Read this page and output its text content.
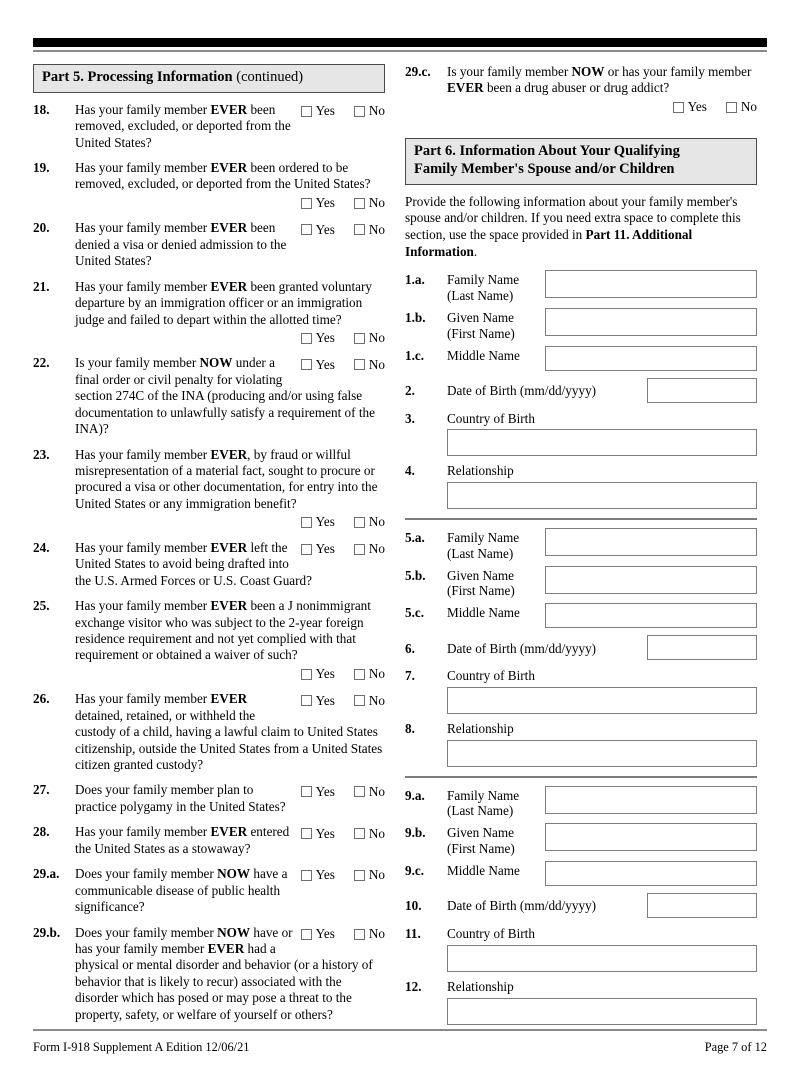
Part 5. Processing Information (continued)
18.	Yes	No
Has your family member EVER been removed, excluded, or deported from the United States?
19.	Has your family member EVER been ordered to be removed, excluded, or deported from the United States?
Yes	No
20.	Yes	No
Has your family member EVER been denied a visa or denied admission to the United States?
21.	Has your family member EVER been granted voluntary departure by an immigration officer or an immigration judge and failed to depart within the allotted time?
Yes	No
22.	Yes	No
Is your family member NOW under a final order or civil penalty for violating section 274C of the INA (producing and/or using false documentation to unlawfully satisfy a requirement of the INA)?
23.	Has your family member EVER, by fraud or willful misrepresentation of a material fact, sought to procure or procured a visa or other documentation, for entry into the United States or any immigration benefit?
Yes	No
24.	Yes	No
Has your family member EVER left the United States to avoid being drafted into the U.S. Armed Forces or U.S. Coast Guard?
25.	Has your family member EVER been a J nonimmigrant exchange visitor who was subject to the 2-year foreign residence requirement and not yet complied with that requirement or obtained a waiver of such?
Yes	No
26.	Yes	No
Has your family member EVER detained, retained, or withheld the custody of a child, having a lawful claim to United States citizenship, outside the United States from a United States citizen granted custody?
27.	Yes	No
Does your family member plan to practice polygamy in the United States?
28.	Yes	No
Has your family member EVER entered the United States as a stowaway?
29.a.	Yes	No
Does your family member NOW have a communicable disease of public health significance?
29.b.	Yes	No
Does your family member NOW have or has your family member EVER had a physical or mental disorder and behavior (or a history of behavior that is likely to recur) associated with the disorder which has posed or may pose a threat to the property, safety, or welfare of yourself or others?
29.c.	Is your family member NOW or has your family member EVER been a drug abuser or drug addict?
Yes	No
Part 6. Information About Your Qualifying
Family Member's Spouse and/or Children
Provide the following information about your family member's spouse and/or children. If you need extra space to complete this section, use the space provided in Part 11. Additional Information.
1.a.	Family Name
(Last Name)
1.b.	Given Name
(First Name)
1.c.	Middle Name
2.	Date of Birth (mm/dd/yyyy)
3.	Country of Birth
4.	Relationship
5.a.	Family Name
(Last Name)
5.b.	Given Name
(First Name)
5.c.	Middle Name
6.	Date of Birth (mm/dd/yyyy)
7.	Country of Birth
8.	Relationship
9.a.	Family Name
(Last Name)
9.b.	Given Name
(First Name)
9.c.	Middle Name
10.	Date of Birth (mm/dd/yyyy)
11.	Country of Birth
12.	Relationship
Form I-918 Supplement A Edition 12/06/21	Page 7 of 12
